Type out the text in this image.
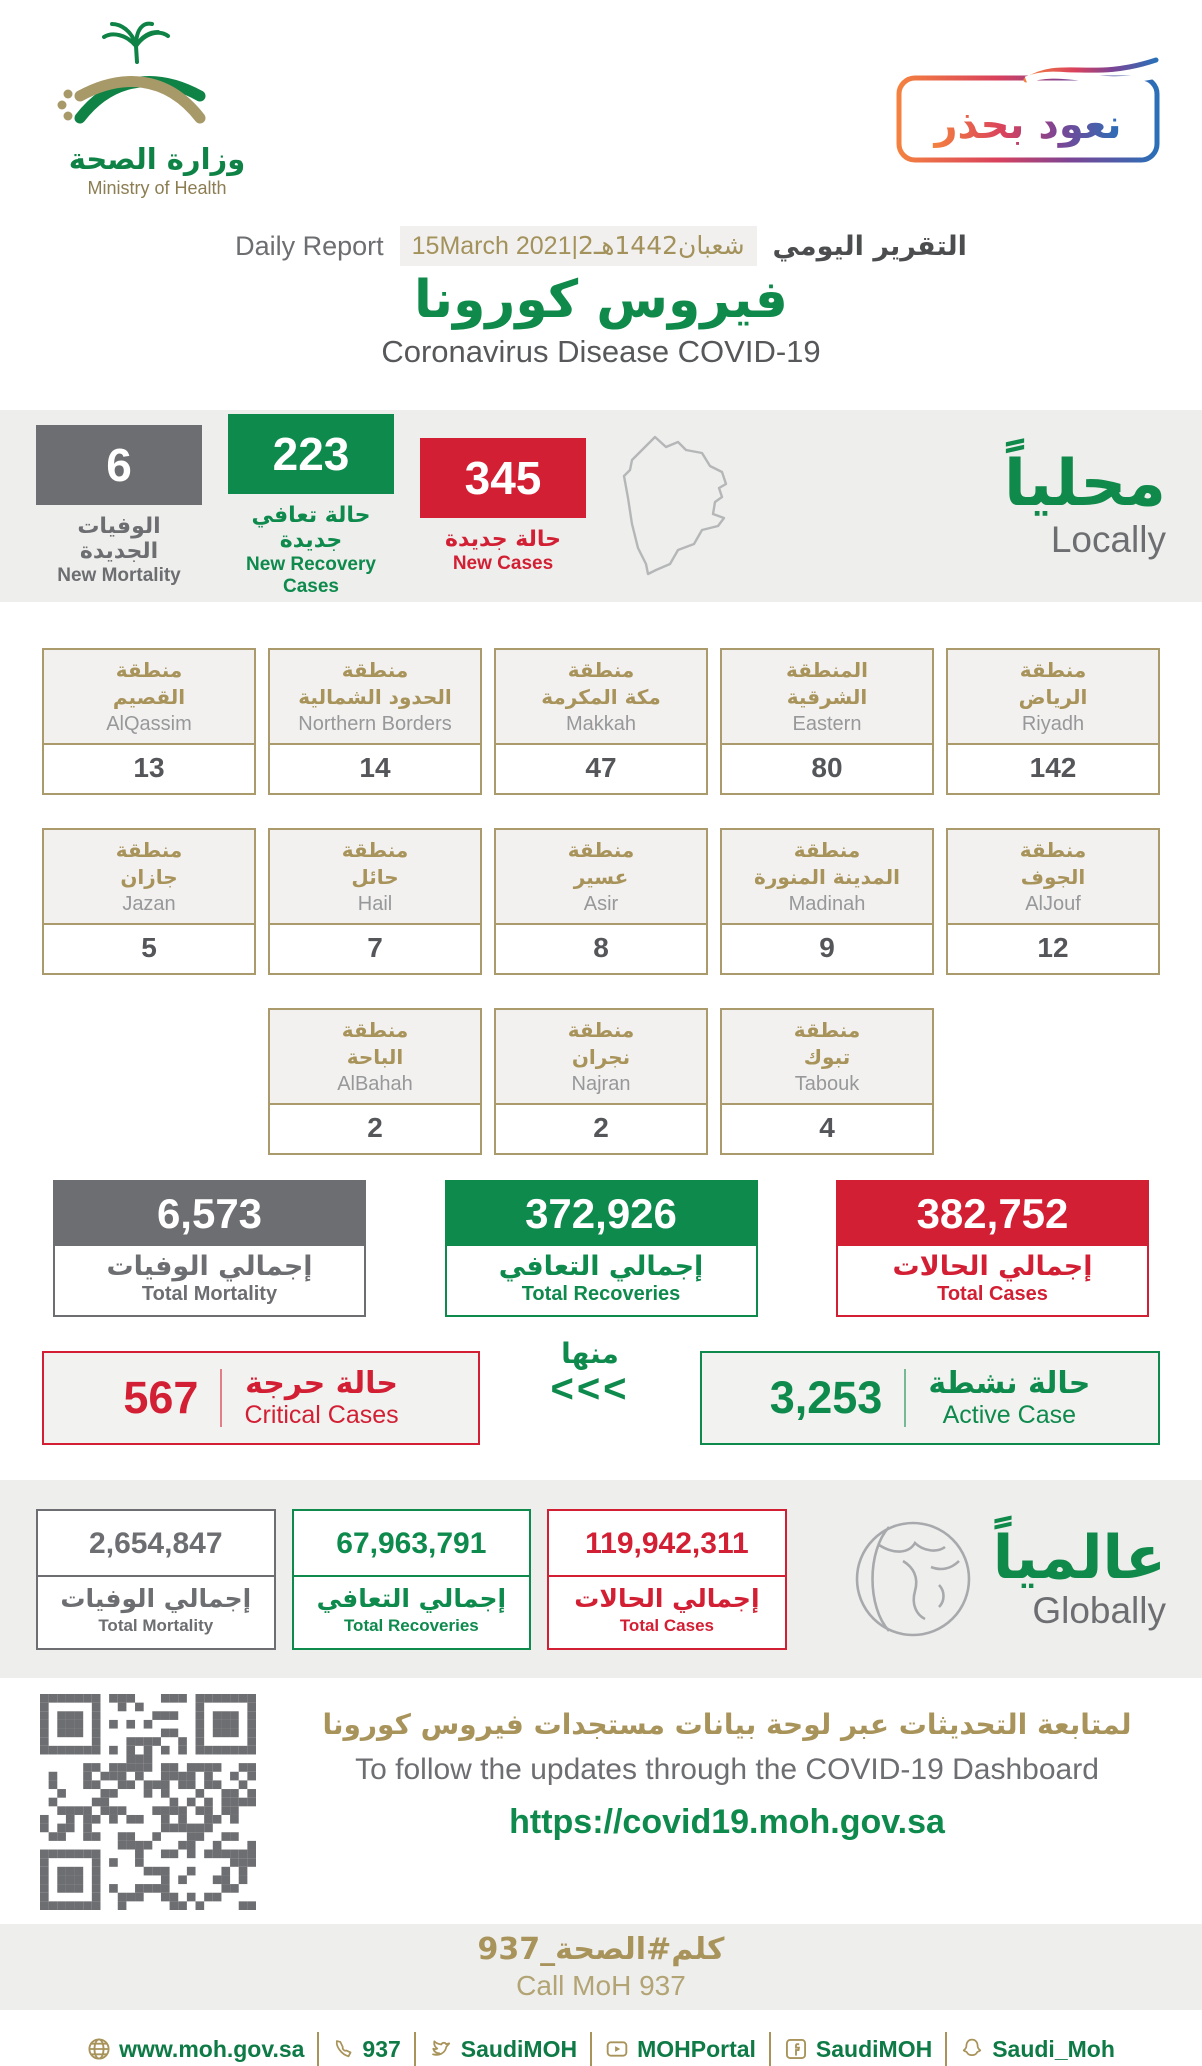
وزارة الصحة
Ministry of Health
نعود بحذر
Daily Report	15March 2021|2شعبان1442هـ	التقرير اليومي
فيروس كورونا
Coronavirus Disease COVID-19
6
الوفيات الجديدة
New Mortality
223
حالة تعافي جديدة
New Recovery Cases
345
حالة جديدة
New Cases
محلياً
Locally
منطقة
القصيم
AlQassim
13
منطقة
الحدود الشمالية
Northern Borders
14
منطقة
مكة المكرمة
Makkah
47
المنطقة
الشرقية
Eastern
80
منطقة
الرياض
Riyadh
142
منطقة
جازان
Jazan
5
منطقة
حائل
Hail
7
منطقة
عسير
Asir
8
منطقة
المدينة المنورة
Madinah
9
منطقة
الجوف
AlJouf
12
منطقة
الباحة
AlBahah
2
منطقة
نجران
Najran
2
منطقة
تبوك
Tabouk
4
6,573
إجمالي الوفيات
Total Mortality
372,926
إجمالي التعافي
Total Recoveries
382,752
إجمالي الحالات
Total Cases
567 حالة حرجة
Critical Cases
منها
<<<	3,253 حالة نشطة
Active Case
2,654,847
إجمالي الوفيات
Total Mortality
67,963,791
إجمالي التعافي
Total Recoveries
119,942,311
إجمالي الحالات
Total Cases
عالمياً
Globally
لمتابعة التحديثات عبر لوحة بيانات مستجدات فيروس كورونا
To follow the updates through the COVID-19 Dashboard
https://covid19.moh.gov.sa
كلم#الصحة_937
Call MoH 937
www.moh.gov.sa	937	SaudiMOH	MOHPortal	SaudiMOH	Saudi_Moh
